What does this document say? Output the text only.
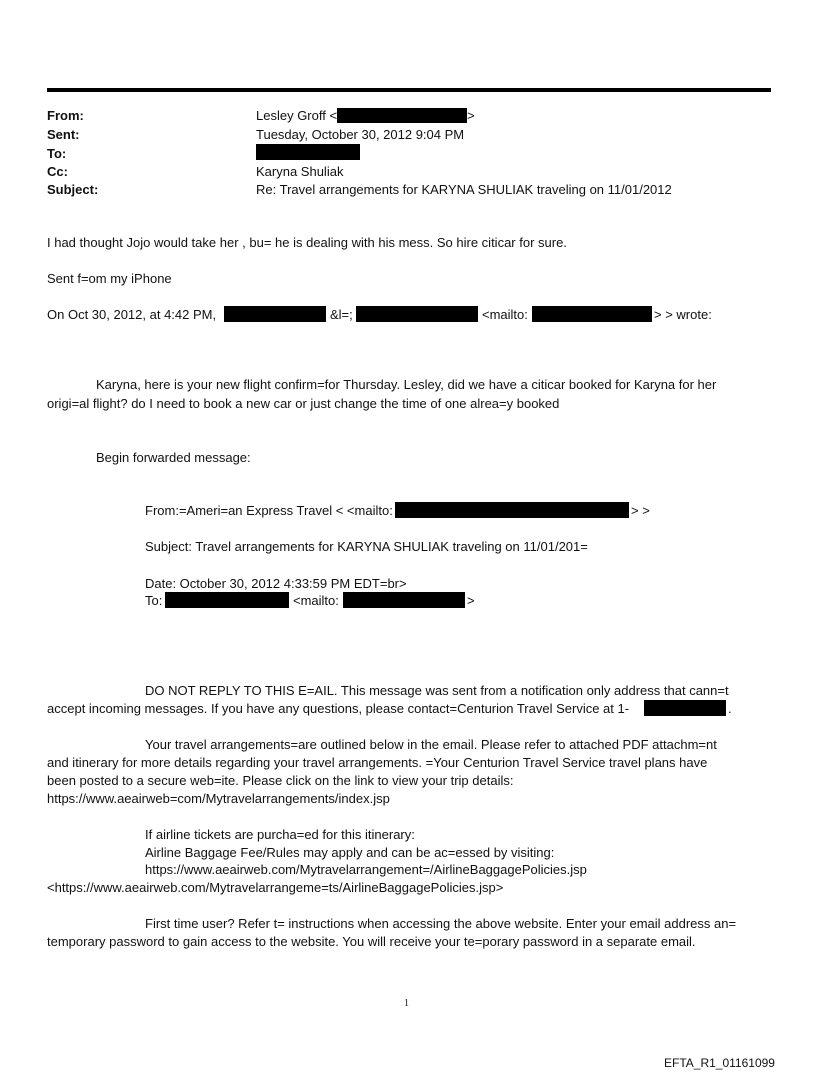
From:	Lesley Groff <	>
Sent:	Tuesday, October 30, 2012 9:04 PM
To:
Cc:	Karyna Shuliak
Subject:	Re: Travel arrangements for KARYNA SHULIAK traveling on 11/01/2012
I had thought Jojo would take her , bu= he is dealing with his mess. So hire citicar for sure.
Sent f=om my iPhone
On Oct 30, 2012, at 4:42 PM,	&l=;	<mailto:	> > wrote:
Karyna, here is your new flight confirm=for Thursday. Lesley, did we have a citicar booked for Karyna for her
origi=al flight? do I need to book a new car or just change the time of one alrea=y booked
Begin forwarded message:
From:=Ameri=an Express Travel < <mailto:	> >
Subject: Travel arrangements for KARYNA SHULIAK traveling on 11/01/201=
Date: October 30, 2012 4:33:59 PM EDT=br>
To:	<mailto:	>
DO NOT REPLY TO THIS E=AIL. This message was sent from a notification only address that cann=t
accept incoming messages. If you have any questions, please contact=Centurion Travel Service at 1-	.
Your travel arrangements=are outlined below in the email. Please refer to attached PDF attachm=nt
and itinerary for more details regarding your travel arrangements. =Your Centurion Travel Service travel plans have
been posted to a secure web=ite. Please click on the link to view your trip details:
https://www.aeairweb=com/Mytravelarrangements/index.jsp
If airline tickets are purcha=ed for this itinerary:
Airline Baggage Fee/Rules may apply and can be ac=essed by visiting:
https://www.aeairweb.com/Mytravelarrangement=/AirlineBaggagePolicies.jsp
<https://www.aeairweb.com/Mytravelarrangeme=ts/AirlineBaggagePolicies.jsp>
First time user? Refer t= instructions when accessing the above website. Enter your email address an=
temporary password to gain access to the website. You will receive your te=porary password in a separate email.
1
EFTA_R1_01161099
